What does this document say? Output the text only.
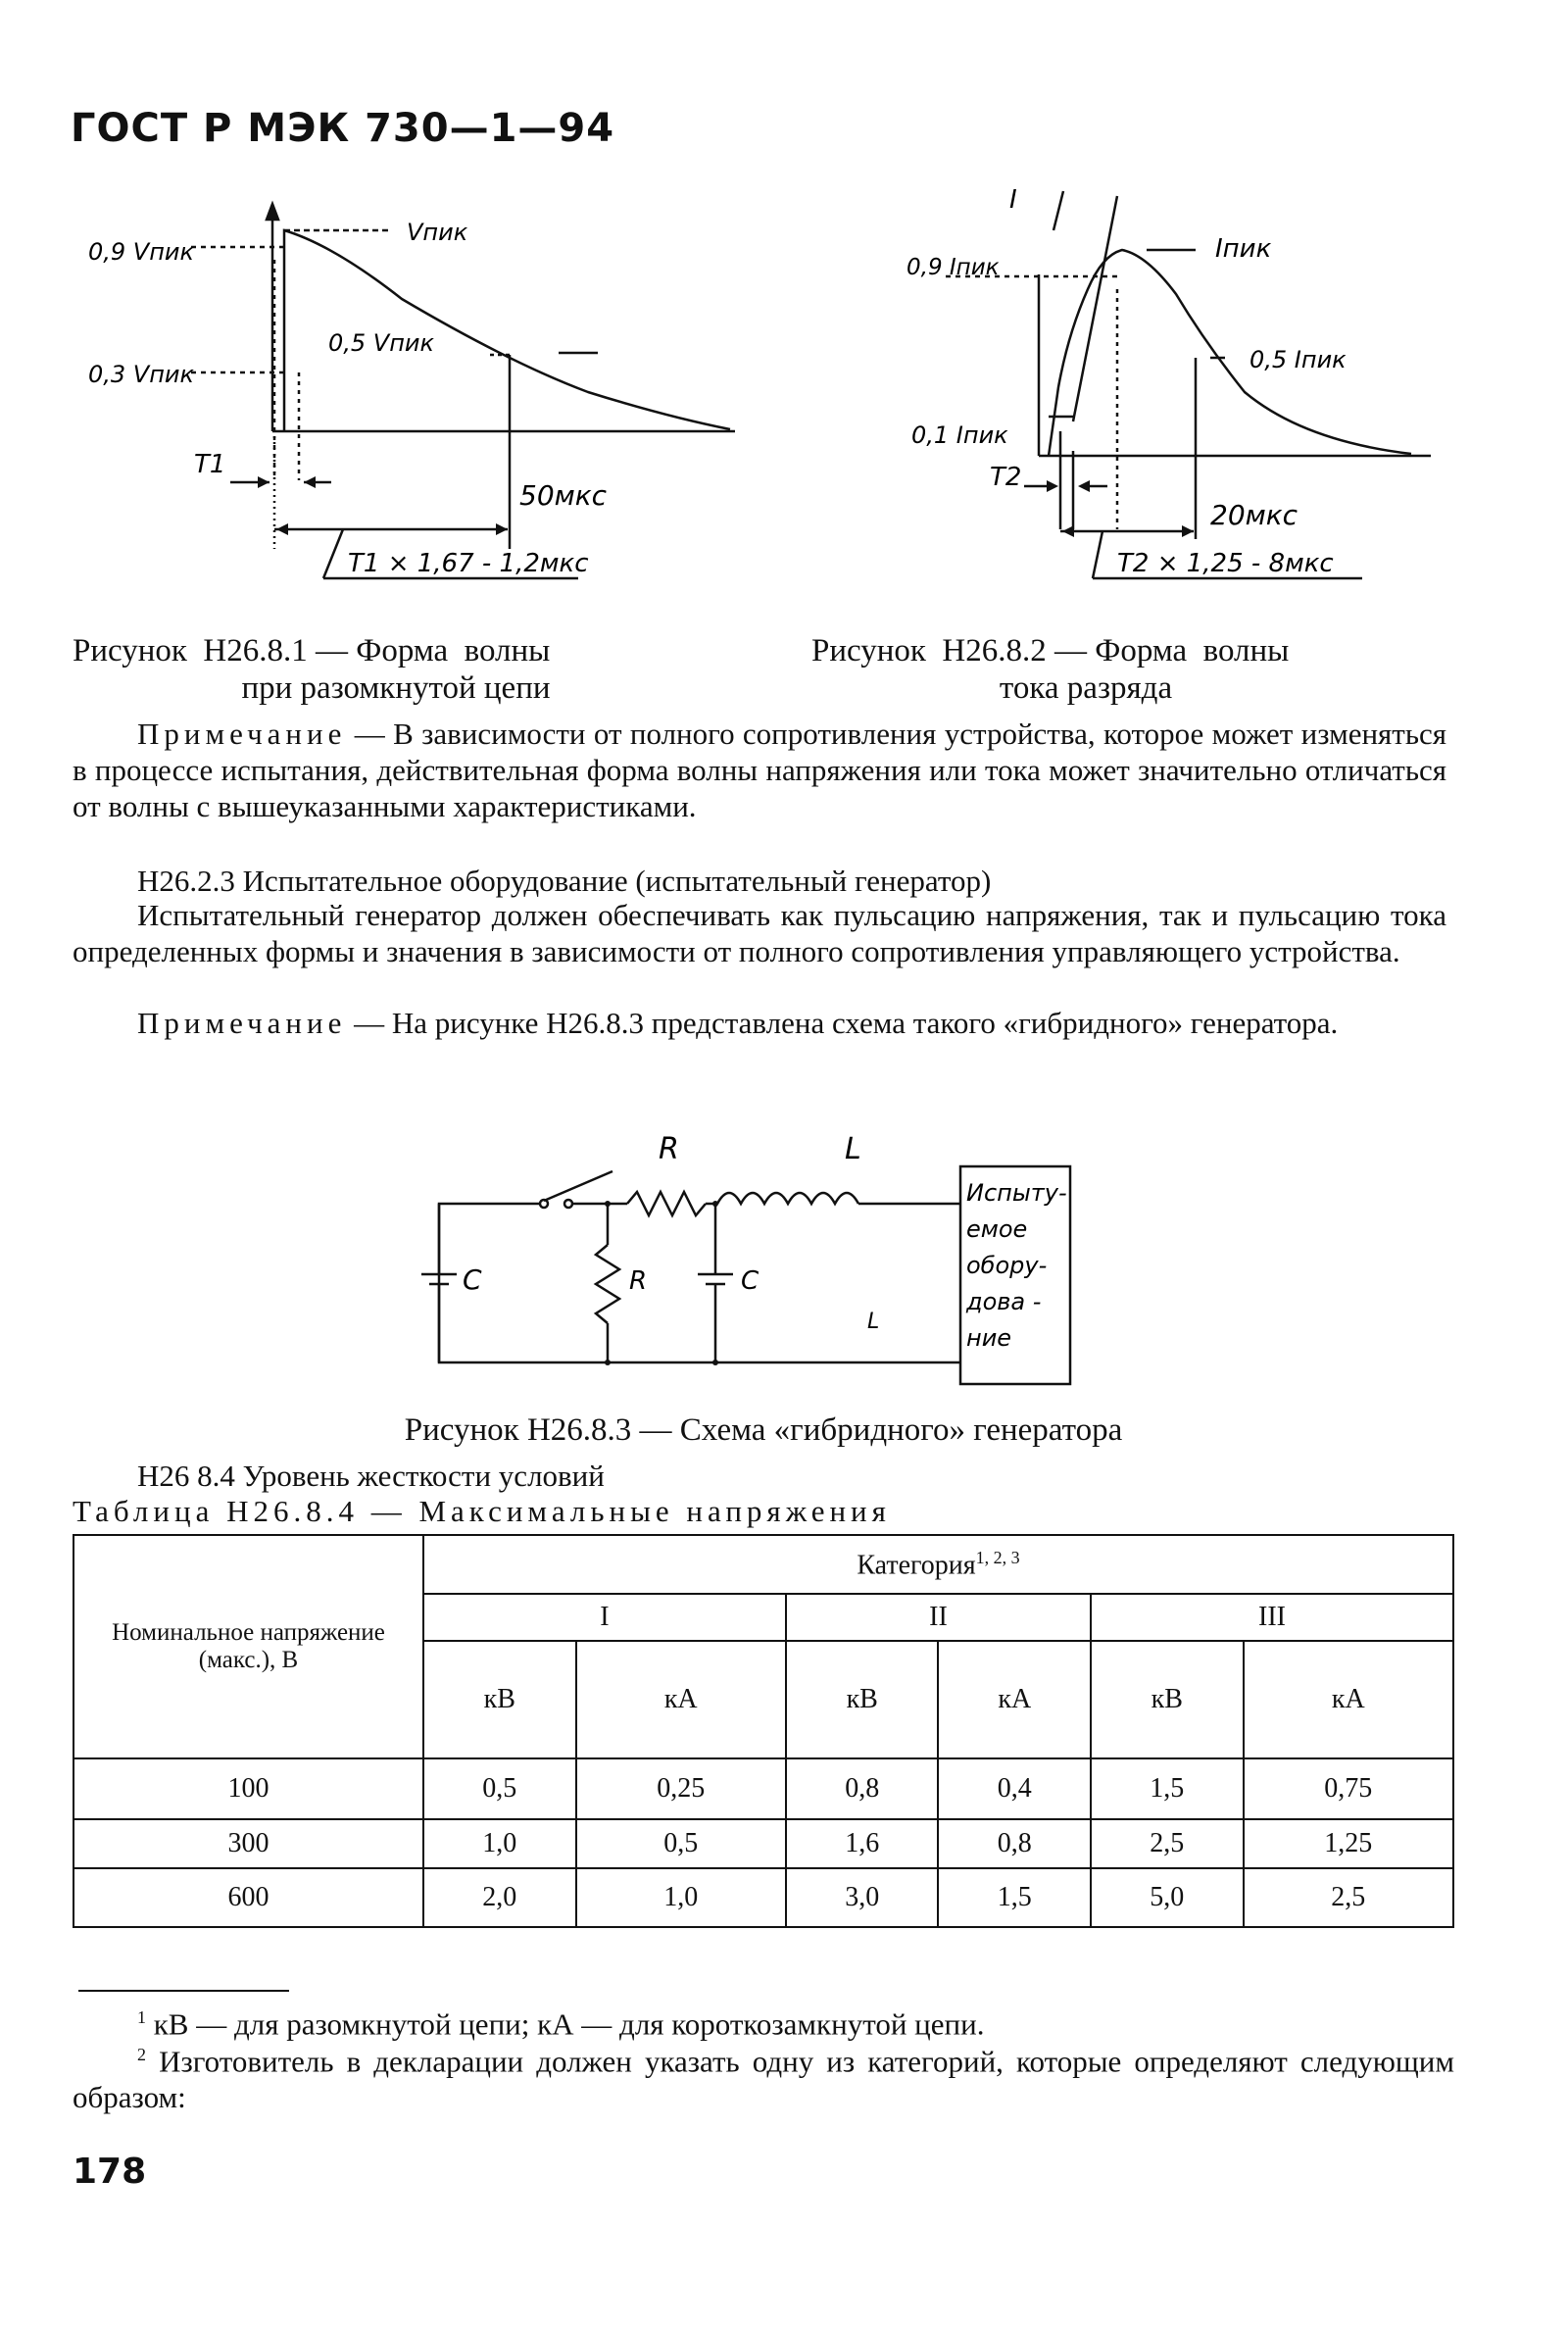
ГОСТ Р МЭК 730—1—94
0,9 Vпик
0,3 Vпик
Vпик
0,5 Vпик
T1
50мкс
T1 × 1,67 - 1,2мкс
Рисунок  Н26.8.1 — Форма  волны
при разомкнутой цепи
I
0,9 Iпик
Iпик
0,5 Iпик
0,1 Iпик
T2
20мкс
T2 × 1,25 - 8мкс
Рисунок  Н26.8.2 — Форма  волны
тока разряда
Примечание — В зависимости от полного сопротивления устройства, которое может изменяться в процессе испытания, действительная форма волны напряжения или тока может значительно отличаться от волны с вышеуказанными характеристиками.
Н26.2.3 Испытательное оборудование (испытательный генератор)
Испытательный генератор должен обеспечивать как пульсацию напряжения, так и пульсацию тока определенных формы и значения в зависимости от полного сопротивления управляющего устройства.
Примечание — На рисунке Н26.8.3 представлена схема такого «гибридного» генератора.
R	L
C	R	C
L
Испыту-
емое
обору-
дова -
ние
Рисунок Н26.8.3 — Схема «гибридного» генератора
Н26 8.4 Уровень жесткости условий
Таблица Н26.8.4 — Максимальные напряжения
Номинальное напряжение (макс.), В	Категория$^{1, 2, 3}$
	I		II		III	
	кВ	кА	кВ	кА	кВ	кА
100	0,5	0,25	0,8	0,4	1,5	0,75
300	1,0	0,5	1,6	0,8	2,5	1,25
600	2,0	1,0	3,0	1,5	5,0	2,5
$^1$ кВ — для разомкнутой цепи; кА — для короткозамкнутой цепи.
$^2$ Изготовитель в декларации должен указать одну из категорий, которые определяют следующим образом:
178
